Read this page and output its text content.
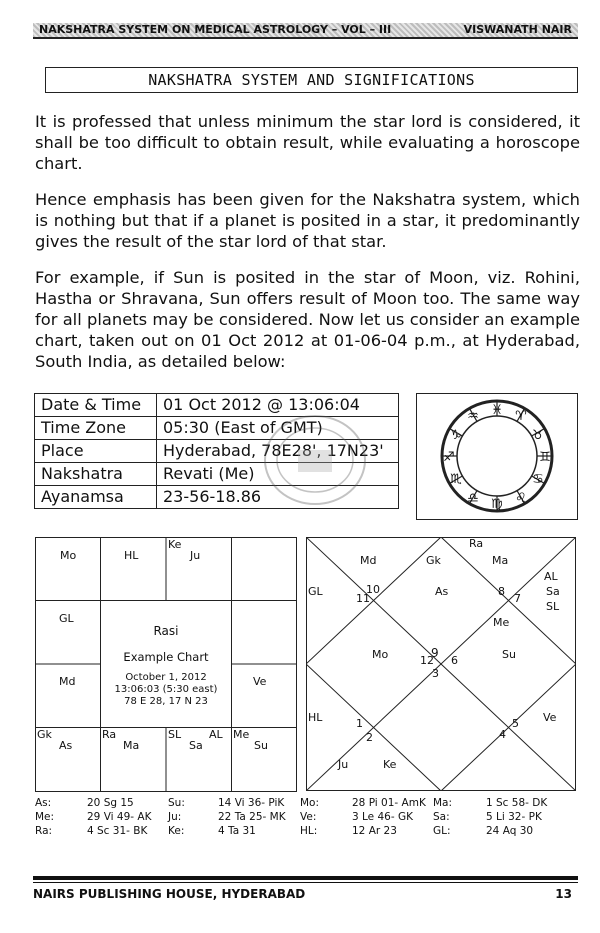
NAKSHATRA SYSTEM ON MEDICAL ASTROLOGY – VOL – III	VISWANATH NAIR
NAKSHATRA SYSTEM AND SIGNIFICATIONS

It is professed that unless minimum the star lord is considered, it shall be too difficult to obtain result, while evaluating a horoscope chart.

Hence emphasis has been given for the Nakshatra system, which is nothing but that if a planet is posited in a star, it predominantly gives the result of the star lord of that star.

For example, if Sun is posited in the star of Moon, viz. Rohini, Hastha or Shravana, Sun offers result of Moon too. The same way for all planets may be considered. Now let us consider an example chart, taken out on 01 Oct 2012 at 01-06-04 p.m., at Hyderabad, South India, as detailed below:

Date & Time	01 Oct 2012 @ 13:06:04
Time Zone	05:30 (East of GMT)
Place	Hyderabad, 78E28', 17N23'
Nakshatra	Revati (Me)
Ayanamsa	23-56-18.86
♓ ♈
♉
♊
♋
♌
♍
♎
♏
♐
♑
♒
Mo	HL
Ke
Ju
GL
Md	Ve
Gk
As
Ra
Ma
SL	AL
Sa
Me
Su
Rasi
Example Chart
October 1, 2012
13:06:03 (5:30 east)
78 E 28, 17 N 23
Ra
Md	Gk	Ma
AL
Sa
SL
GL	As
Me
Mo	Su
HL	Ve
Ju	Ke
10
11
8
7
9
12 6
3
1
2
5
4
As:	20 Sg 15	Su:	14 Vi 36- PiK Mo:	28 Pi 01- AmK Ma:	1 Sc 58- DK
Me:	29 Vi 49- AK Ju:	22 Ta 25- MK Ve:	3 Le 46- GK Sa:	5 Li 32- PK
Ra:	4 Sc 31- BK Ke:	4 Ta 31	HL:	12 Ar 23	GL:	24 Aq 30
NAIRS PUBLISHING HOUSE, HYDERABAD	13
